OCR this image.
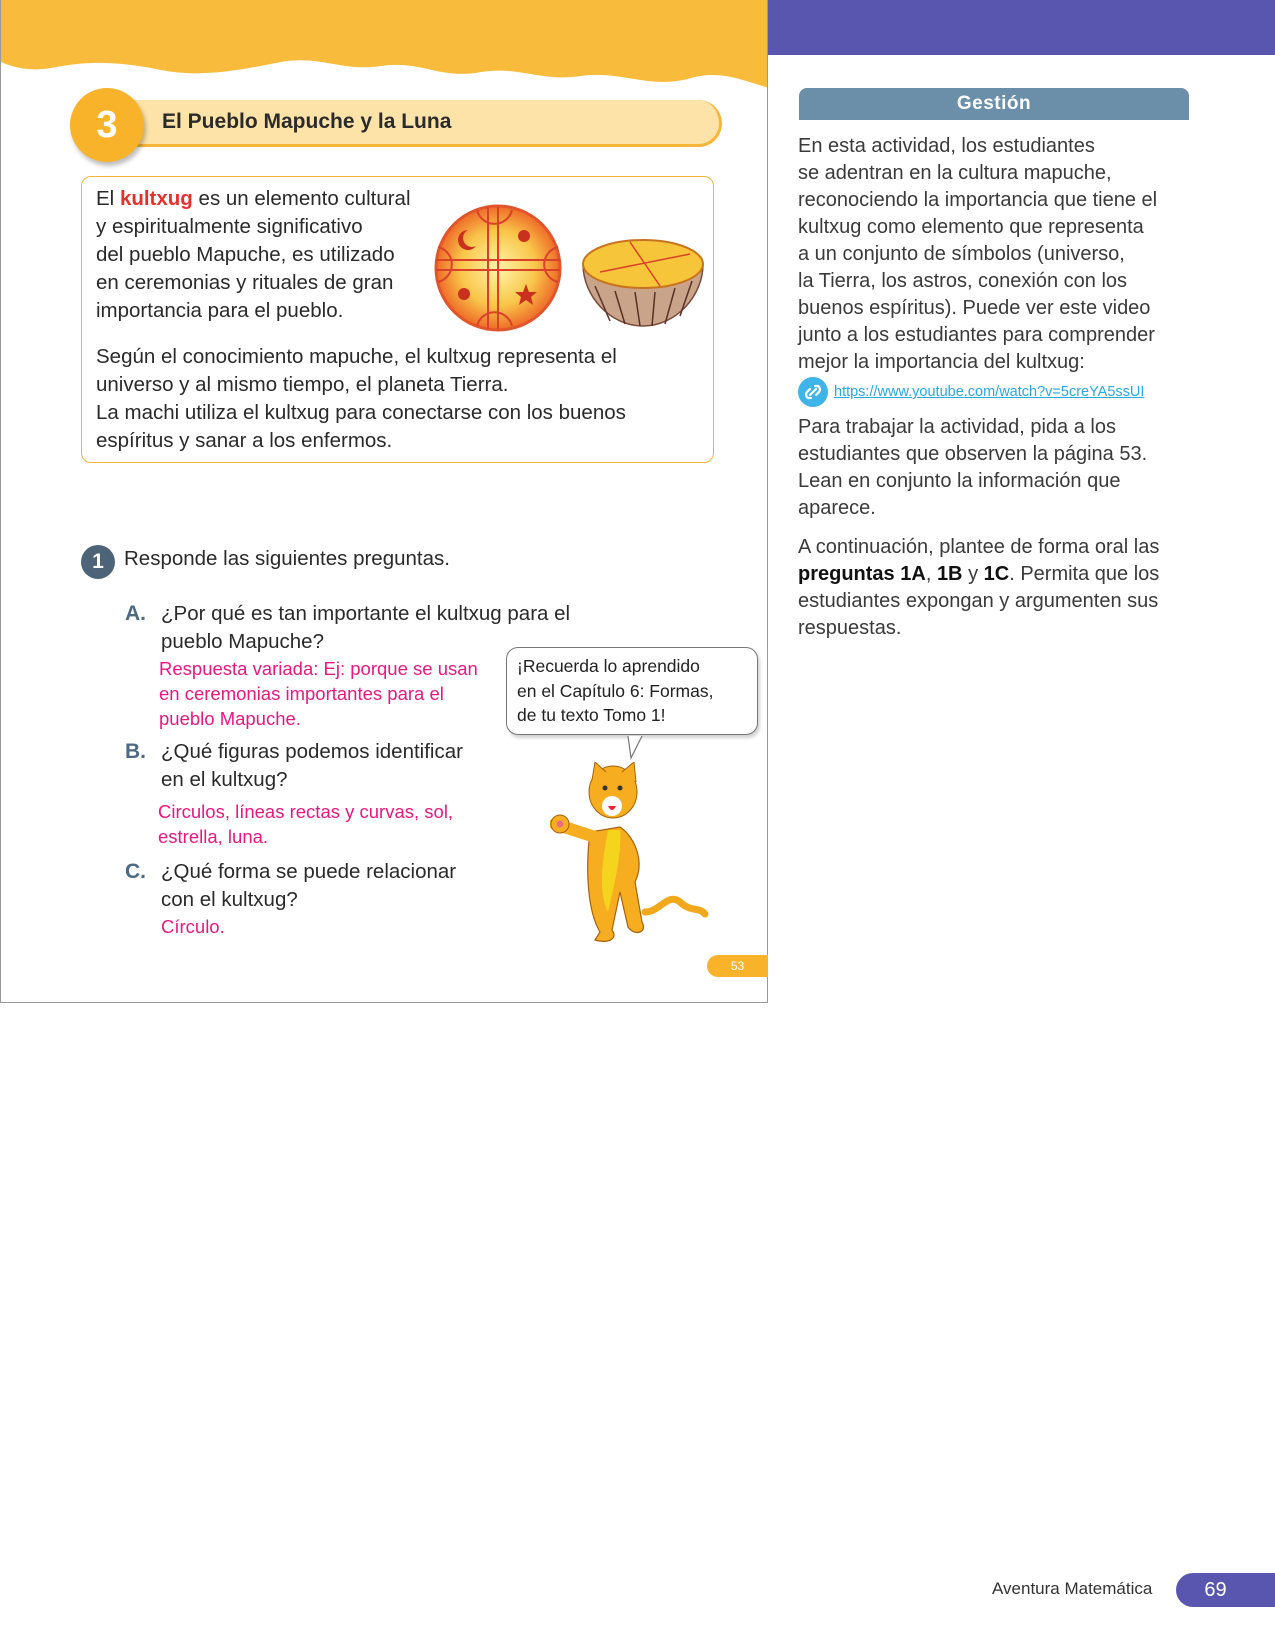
3	El Pueblo Mapuche y la Luna
El kultxug es un elemento cultural
y espiritualmente significativo
del pueblo Mapuche, es utilizado
en ceremonias y rituales de gran
importancia para el pueblo.
Según el conocimiento mapuche, el kultxug representa el
universo y al mismo tiempo, el planeta Tierra.
La machi utiliza el kultxug para conectarse con los buenos
espíritus y sanar a los enfermos.
1 Responde las siguientes preguntas.
A. ¿Por qué es tan importante el kultxug para el
pueblo Mapuche?
Respuesta variada: Ej: porque se usan
en ceremonias importantes para el
pueblo Mapuche.
B. ¿Qué figuras podemos identificar
en el kultxug?
Circulos, líneas rectas y curvas, sol,
estrella, luna.
C. ¿Qué forma se puede relacionar
con el kultxug?
Círculo.
¡Recuerda lo aprendido
en el Capítulo 6: Formas,
de tu texto Tomo 1!
53
Gestión
En esta actividad, los estudiantes
se adentran en la cultura mapuche,
reconociendo la importancia que tiene el
kultxug como elemento que representa
a un conjunto de símbolos (universo,
la Tierra, los astros, conexión con los
buenos espíritus). Puede ver este video
junto a los estudiantes para comprender
mejor la importancia del kultxug:
https://www.youtube.com/watch?v=5creYA5ssUI
Para trabajar la actividad, pida a los
estudiantes que observen la página 53.
Lean en conjunto la información que
aparece.
A continuación, plantee de forma oral las
preguntas 1A, 1B y 1C. Permita que los
estudiantes expongan y argumenten sus
respuestas.
Aventura Matemática	69
